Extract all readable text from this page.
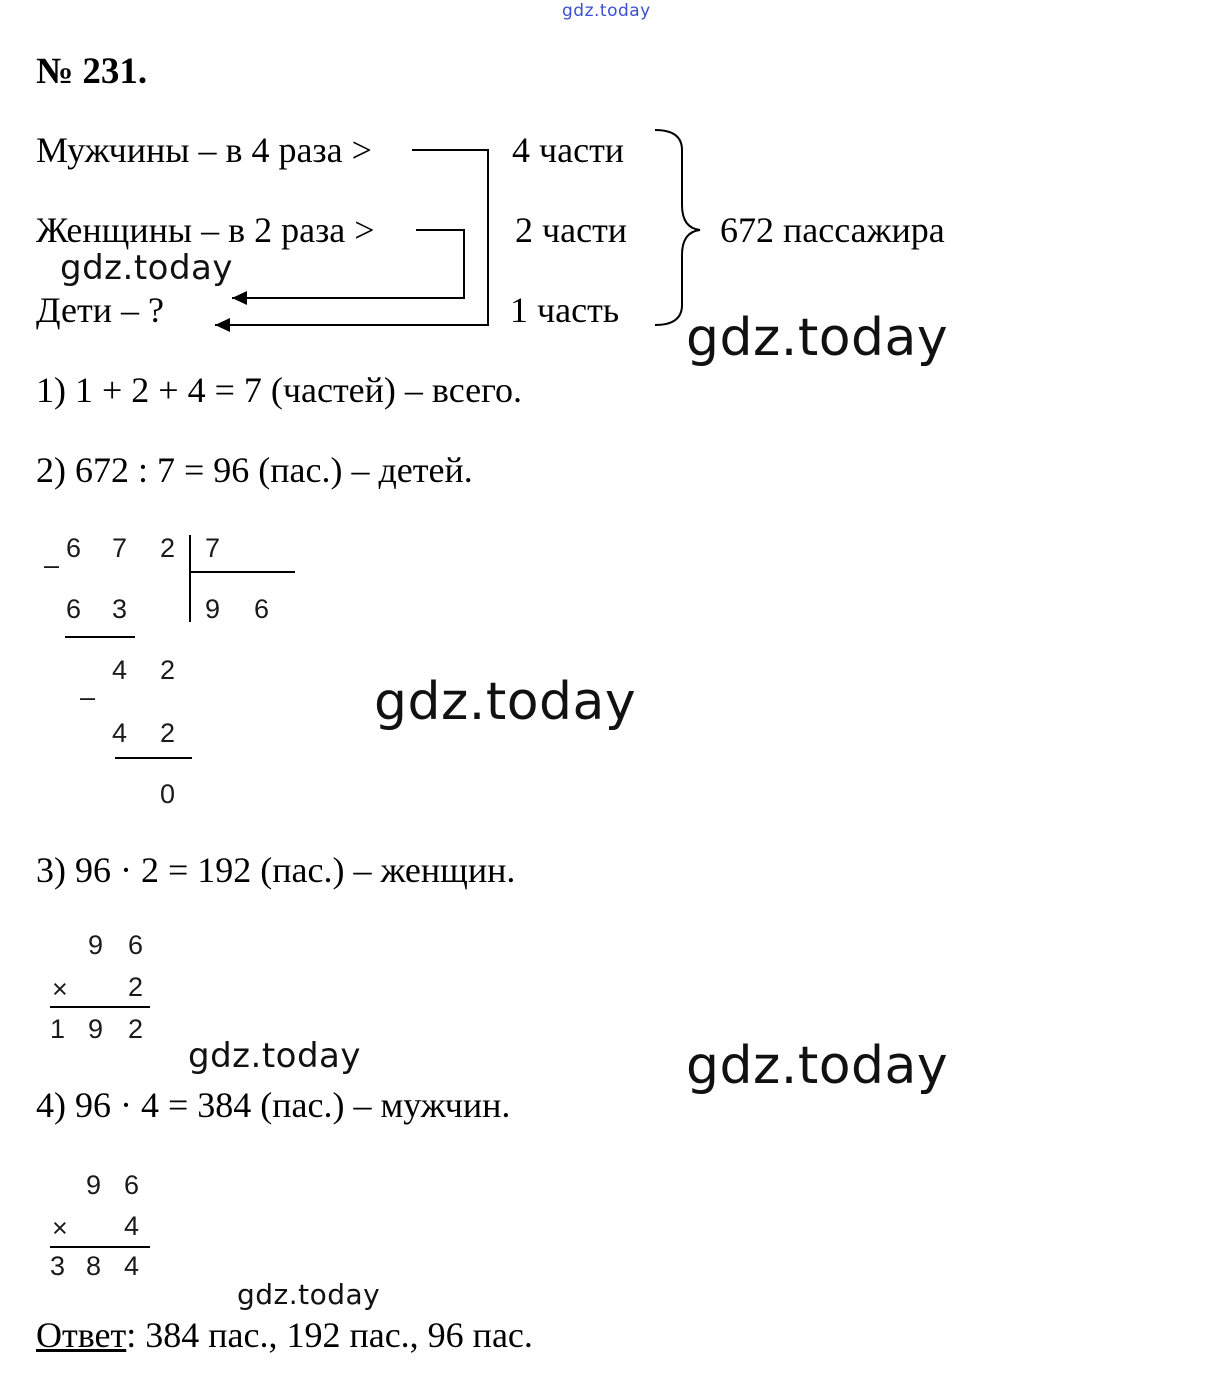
gdz.today
№ 231.
Мужчины – в 4 раза >
Женщины – в 2 раза >
Дети – ?
4 части
2 части
1 часть
672 пассажира
1) 1 + 2 + 4 = 7 (частей) – всего.
2) 672 : 7 = 96 (пас.) – детей.
–
6 7 2 7
6 3	9 6
4 2
–
4 2
0
3) 96 · 2 = 192 (пас.) – женщин.
9 6
× 2
1 9 2
4) 96 · 4 = 384 (пас.) – мужчин.
9 6
× 4
3 8 4
Ответ: 384 пас., 192 пас., 96 пас.
gdz.today
gdz.today
gdz.today
gdz.today	gdz.today
gdz.today
